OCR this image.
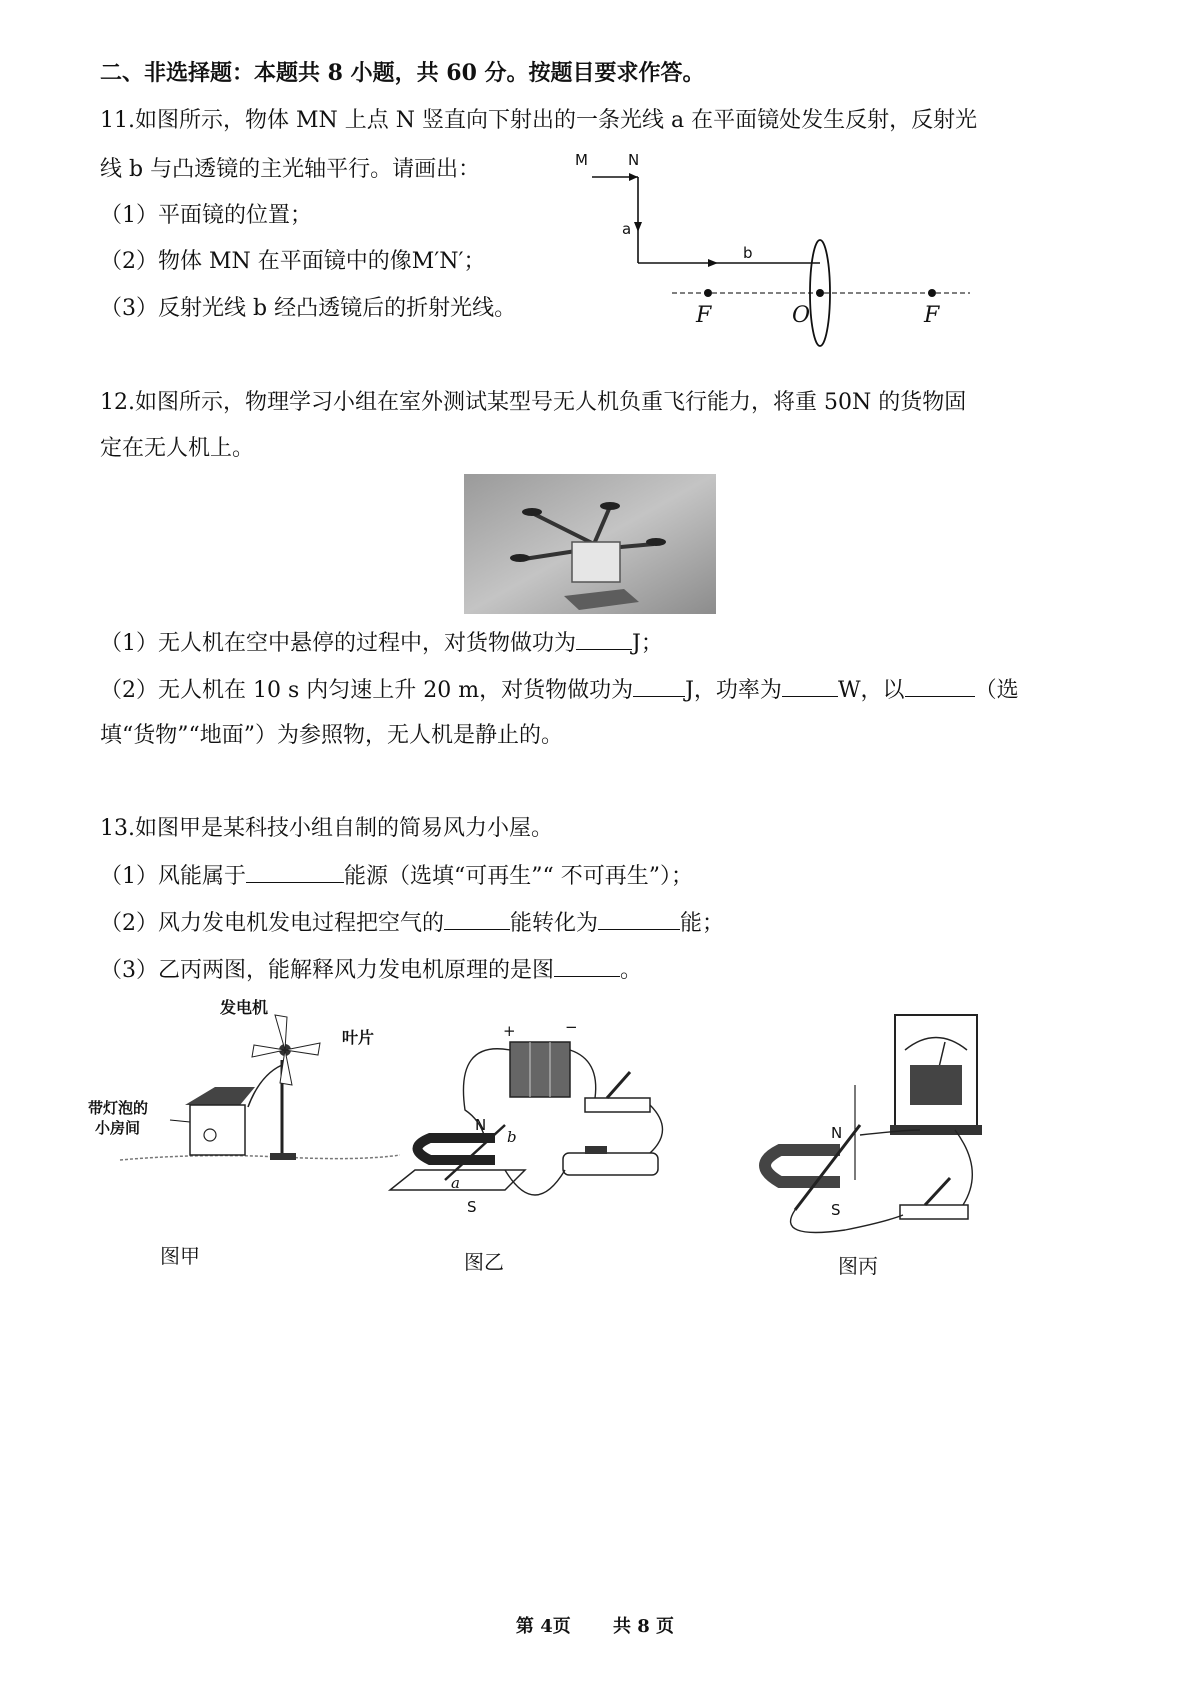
二、非选择题：本题共 8 小题，共 60 分。按题目要求作答。
11.如图所示，物体 MN 上点 N 竖直向下射出的一条光线 a 在平面镜处发生反射，反射光
线 b 与凸透镜的主光轴平行。请画出：
（1）平面镜的位置；
（2）物体 MN 在平面镜中的像M′N′；
（3）反射光线 b 经凸透镜后的折射光线。
M	N
a
b
F	O	F
12.如图所示，物理学习小组在室外测试某型号无人机负重飞行能力，将重 50N 的货物固
定在无人机上。
（1）无人机在空中悬停的过程中，对货物做功为	J；
（2）无人机在 10 s 内匀速上升 20 m，对货物做功为 J，功率为	W，以	（选
填“货物”“地面”）为参照物，无人机是静止的。
13.如图甲是某科技小组自制的简易风力小屋。
（1）风能属于	能源（选填“可再生”“ 不可再生”）；
（2）风力发电机发电过程把空气的	能转化为	能；
（3）乙丙两图，能解释风力发电机原理的是图	。
发电机
叶片
带灯泡的
小房间
图甲
+	−
N
S
a
b
图乙
N
S
图丙
第 4页 共 8 页
